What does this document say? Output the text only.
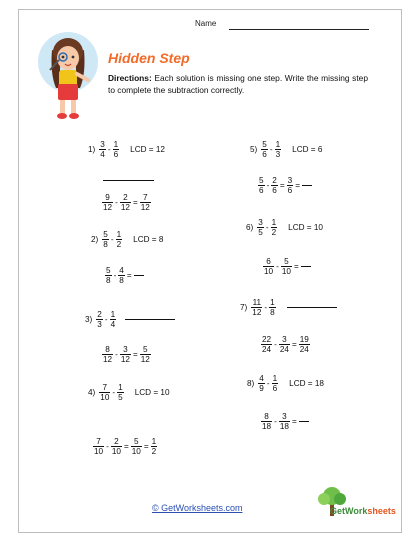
Name
Hidden Step
Directions: Each solution is missing one step. Write the missing step to complete the subtraction correctly.
$1) \frac{3}{4} - \frac{1}{6}$ LCD = 12
$\frac{9}{12} - \frac{2}{12} = \frac{7}{12}$
$2) \frac{5}{8} - \frac{1}{2}$ LCD = 8
$\frac{5}{8} - \frac{4}{8}$ =
$3) \frac{2}{3} - \frac{1}{4}$
$\frac{8}{12} - \frac{3}{12} = \frac{5}{12}$
$4) \frac{7}{10} - \frac{1}{5}$ LCD = 10
$\frac{7}{10} - \frac{2}{10} = \frac{5}{10} = \frac{1}{2}$
$5) \frac{5}{6} - \frac{1}{3}$ LCD = 6
$\frac{5}{6} - \frac{2}{6} = \frac{3}{6}$ =
$6) \frac{3}{5} - \frac{1}{2}$ LCD = 10
$\frac{6}{10} - \frac{5}{10}$ =
$7) \frac{11}{12} - \frac{1}{8}$
$\frac{22}{24} - \frac{3}{24} = \frac{19}{24}$
$8) \frac{4}{9} - \frac{1}{6}$ LCD = 18
$\frac{8}{18} - \frac{3}{18}$ =
© GetWorksheets.com	GetWorksheets
